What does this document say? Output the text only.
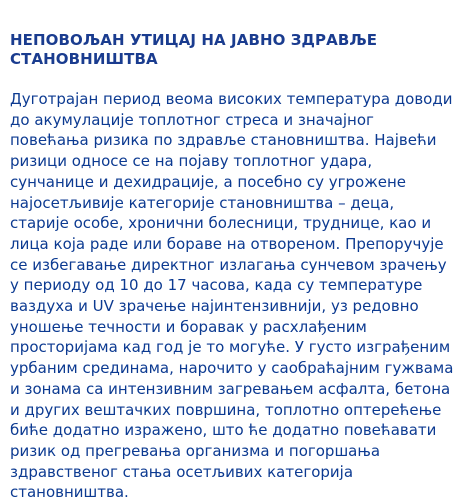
НЕПОВОЉАН УТИЦАЈ НА ЈАВНО ЗДРАВЉЕ СТАНОВНИШТВА

Дуготрајан период веома високих температура доводи до акумулације топлотног стреса и значајног повећања ризика по здравље становништва. Највећи ризици односе се на појаву топлотног удара, сунчанице и дехидрације, а посебно су угрожене најосетљивије категорије становништва – деца, старије особе, хронични болесници, труднице, као и лица која раде или бораве на отвореном. Препоручује се избегавање директног излагања сунчевом зрачењу у периоду од 10 до 17 часова, када су температуре ваздуха и UV зрачење најинтензивнији, уз редовно уношење течности и боравак у расхлађеним просторијама кад год је то могуће. У густо изграђеним урбаним срединама, нарочито у саобраћајним гужвама и зонама са интензивним загревањем асфалта, бетона и других вештачких површина, топлотно оптерећење биће додатно изражено, што ће додатно повећавати ризик од прегревања организма и погоршања здравственог стања осетљивих категорија становништва.
